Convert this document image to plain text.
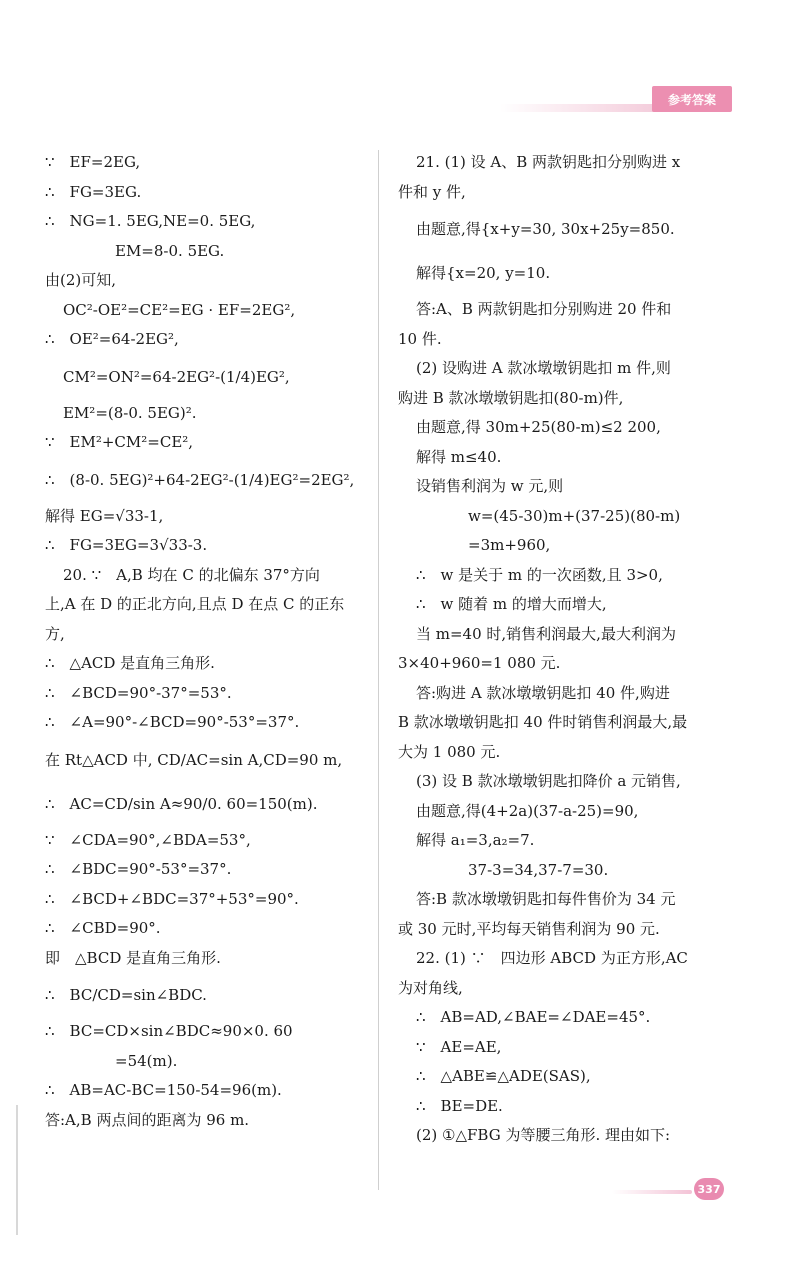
参考答案
∵　EF=2EG,
∴　FG=3EG.
∴　NG=1. 5EG,NE=0. 5EG,
EM=8-0. 5EG.
由(2)可知,
OC²-OE²=CE²=EG · EF=2EG²,
∴　OE²=64-2EG²,
CM²=ON²=64-2EG²-(1/4)EG²,
EM²=(8-0. 5EG)².
∵　EM²+CM²=CE²,
∴　(8-0. 5EG)²+64-2EG²-(1/4)EG²=2EG²,
解得 EG=√33-1,
∴　FG=3EG=3√33-3.
20. ∵　A,B 均在 C 的北偏东 37°方向
上,A 在 D 的正北方向,且点 D 在点 C 的正东
方,
∴　△ACD 是直角三角形.
∴　∠BCD=90°-37°=53°.
∴　∠A=90°-∠BCD=90°-53°=37°.
在 Rt△ACD 中, CD/AC=sin A,CD=90 m,
∴　AC=CD/sin A≈90/0. 60=150(m).
∵　∠CDA=90°,∠BDA=53°,
∴　∠BDC=90°-53°=37°.
∴　∠BCD+∠BDC=37°+53°=90°.
∴　∠CBD=90°.
即　△BCD 是直角三角形.
∴　BC/CD=sin∠BDC.
∴　BC=CD×sin∠BDC≈90×0. 60
=54(m).
∴　AB=AC-BC=150-54=96(m).
答:A,B 两点间的距离为 96 m.
21. (1) 设 A、B 两款钥匙扣分别购进 x
件和 y 件,
由题意,得{x+y=30, 30x+25y=850.
解得{x=20, y=10.
答:A、B 两款钥匙扣分别购进 20 件和
10 件.
(2) 设购进 A 款冰墩墩钥匙扣 m 件,则
购进 B 款冰墩墩钥匙扣(80-m)件,
由题意,得 30m+25(80-m)≤2 200,
解得 m≤40.
设销售利润为 w 元,则
w=(45-30)m+(37-25)(80-m)
=3m+960,
∴　w 是关于 m 的一次函数,且 3>0,
∴　w 随着 m 的增大而增大,
当 m=40 时,销售利润最大,最大利润为
3×40+960=1 080 元.
答:购进 A 款冰墩墩钥匙扣 40 件,购进
B 款冰墩墩钥匙扣 40 件时销售利润最大,最
大为 1 080 元.
(3) 设 B 款冰墩墩钥匙扣降价 a 元销售,
由题意,得(4+2a)(37-a-25)=90,
解得 a₁=3,a₂=7.
37-3=34,37-7=30.
答:B 款冰墩墩钥匙扣每件售价为 34 元
或 30 元时,平均每天销售利润为 90 元.
22. (1) ∵　四边形 ABCD 为正方形,AC
为对角线,
∴　AB=AD,∠BAE=∠DAE=45°.
∵　AE=AE,
∴　△ABE≌△ADE(SAS),
∴　BE=DE.
(2) ①△FBG 为等腰三角形. 理由如下:
337
